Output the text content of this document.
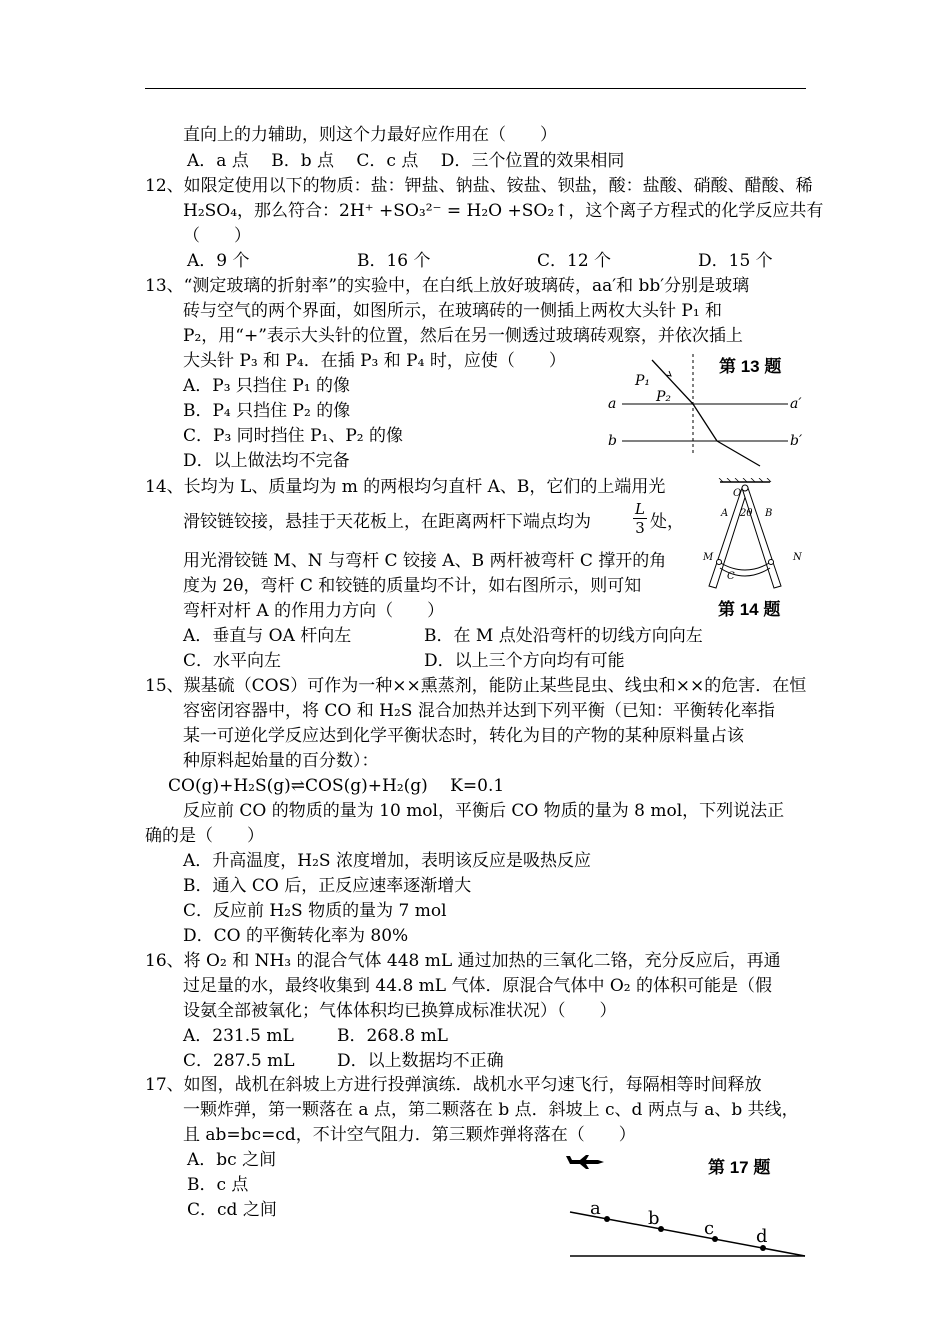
直向上的力辅助，则这个力最好应作用在（　　）
A．a 点　 B．b 点　 C．c 点　 D．三个位置的效果相同
12、如限定使用以下的物质：盐：钾盐、钠盐、铵盐、钡盐，酸：盐酸、硝酸、醋酸、稀
H₂SO₄，那么符合：2H⁺ +SO₃²⁻ = H₂O +SO₂↑，这个离子方程式的化学反应共有
（　　）
A．9 个	B．16 个	C．12 个	D．15 个
13、“测定玻璃的折射率”的实验中，在白纸上放好玻璃砖，aa′和 bb′分别是玻璃
砖与空气的两个界面，如图所示，在玻璃砖的一侧插上两枚大头针 P₁ 和
P₂，用“+”表示大头针的位置，然后在另一侧透过玻璃砖观察，并依次插上
大头针 P₃ 和 P₄．在插 P₃ 和 P₄ 时，应使（　　）
A．P₃ 只挡住 P₁ 的像
B．P₄ 只挡住 P₂ 的像
C．P₃ 同时挡住 P₁、P₂ 的像
D．以上做法均不完备
第 13 题
P₁
P₂
a	a′
b	b′
14、长均为 L、质量均为 m 的两根均匀直杆 A、B，它们的上端用光
滑铰链铰接，悬挂于天花板上，在距离两杆下端点均为	$\frac{L}{3}$ 处，
用光滑铰链 M、N 与弯杆 C 铰接 A、B 两杆被弯杆 C 撑开的角
度为 2θ，弯杆 C 和铰链的质量均不计，如右图所示，则可知
弯杆对杆 A 的作用力方向（　　）
A．垂直与 OA 杆向左	B．在 M 点处沿弯杆的切线方向向左
C．水平向左	D．以上三个方向均有可能
第 14 题
O
A	B
2θ
M	N
C
15、羰基硫（COS）可作为一种××熏蒸剂，能防止某些昆虫、线虫和××的危害．在恒
容密闭容器中，将 CO 和 H₂S 混合加热并达到下列平衡（已知：平衡转化率指
某一可逆化学反应达到化学平衡状态时，转化为目的产物的某种原料量占该
种原料起始量的百分数）：
CO(g)+H₂S(g)⇌COS(g)+H₂(g)　 K=0.1
反应前 CO 的物质的量为 10 mol，平衡后 CO 物质的量为 8 mol，下列说法正
确的是（　　）
A．升高温度，H₂S 浓度增加，表明该反应是吸热反应
B．通入 CO 后，正反应速率逐渐增大
C．反应前 H₂S 物质的量为 7 mol
D．CO 的平衡转化率为 80%
16、将 O₂ 和 NH₃ 的混合气体 448 mL 通过加热的三氧化二铬，充分反应后，再通
过足量的水，最终收集到 44.8 mL 气体．原混合气体中 O₂ 的体积可能是（假
设氨全部被氧化；气体体积均已换算成标准状况）（　　）
A．231.5 mL	B．268.8 mL
C．287.5 mL	D．以上数据均不正确
17、如图，战机在斜坡上方进行投弹演练．战机水平匀速飞行，每隔相等时间释放
一颗炸弹，第一颗落在 a 点，第二颗落在 b 点．斜坡上 c、d 两点与 a、b 共线，
且 ab=bc=cd，不计空气阻力．第三颗炸弹将落在（　　）
A．bc 之间
B．c 点
C．cd 之间
第 17 题
a	b c d
